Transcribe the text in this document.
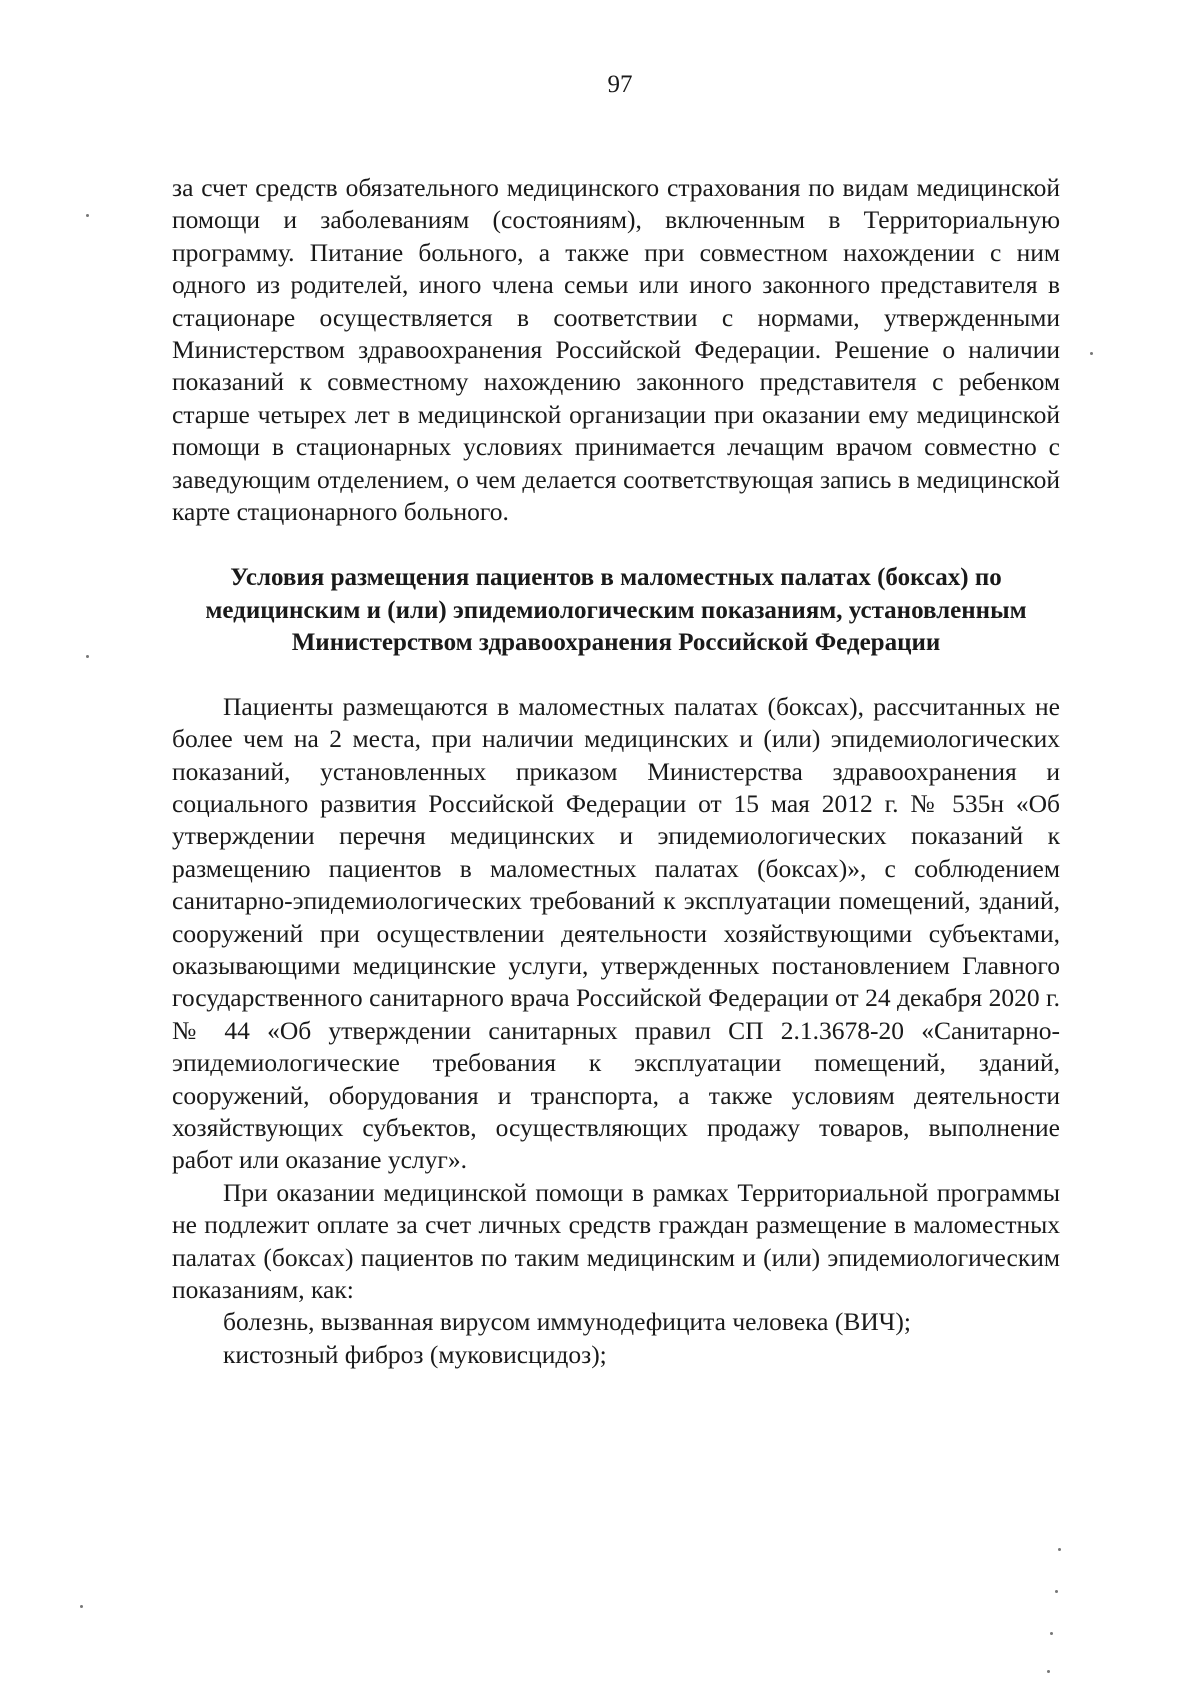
97

за счет средств обязательного медицинского страхования по видам медицинской помощи и заболеваниям (состояниям), включенным в Территориальную программу. Питание больного, а также при совместном нахождении с ним одного из родителей, иного члена семьи или иного законного представителя в стационаре осуществляется в соответствии с нормами, утвержденными Министерством здравоохранения Российской Федерации. Решение о наличии показаний к совместному нахождению законного представителя с ребенком старше четырех лет в медицинской организации при оказании ему медицинской помощи в стационарных условиях принимается лечащим врачом совместно с заведующим отделением, о чем делается соответствующая запись в медицинской карте стационарного больного.

Условия размещения пациентов в маломестных палатах (боксах) по медицинским и (или) эпидемиологическим показаниям, установленным Министерством здравоохранения Российской Федерации

Пациенты размещаются в маломестных палатах (боксах), рассчитанных не более чем на 2 места, при наличии медицинских и (или) эпидемиологических показаний, установленных приказом Министерства здравоохранения и социального развития Российской Федерации от 15 мая 2012 г. № 535н «Об утверждении перечня медицинских и эпидемиологических показаний к размещению пациентов в маломестных палатах (боксах)», с соблюдением санитарно-эпидемиологических требований к эксплуатации помещений, зданий, сооружений при осуществлении деятельности хозяйствующими субъектами, оказывающими медицинские услуги, утвержденных постановлением Главного государственного санитарного врача Российской Федерации от 24 декабря 2020 г. № 44 «Об утверждении санитарных правил СП 2.1.3678-20 «Санитарно-эпидемиологические требования к эксплуатации помещений, зданий, сооружений, оборудования и транспорта, а также условиям деятельности хозяйствующих субъектов, осуществляющих продажу товаров, выполнение работ или оказание услуг».

При оказании медицинской помощи в рамках Территориальной программы не подлежит оплате за счет личных средств граждан размещение в маломестных палатах (боксах) пациентов по таким медицинским и (или) эпидемиологическим показаниям, как:

болезнь, вызванная вирусом иммунодефицита человека (ВИЧ);

кистозный фиброз (муковисцидоз);
